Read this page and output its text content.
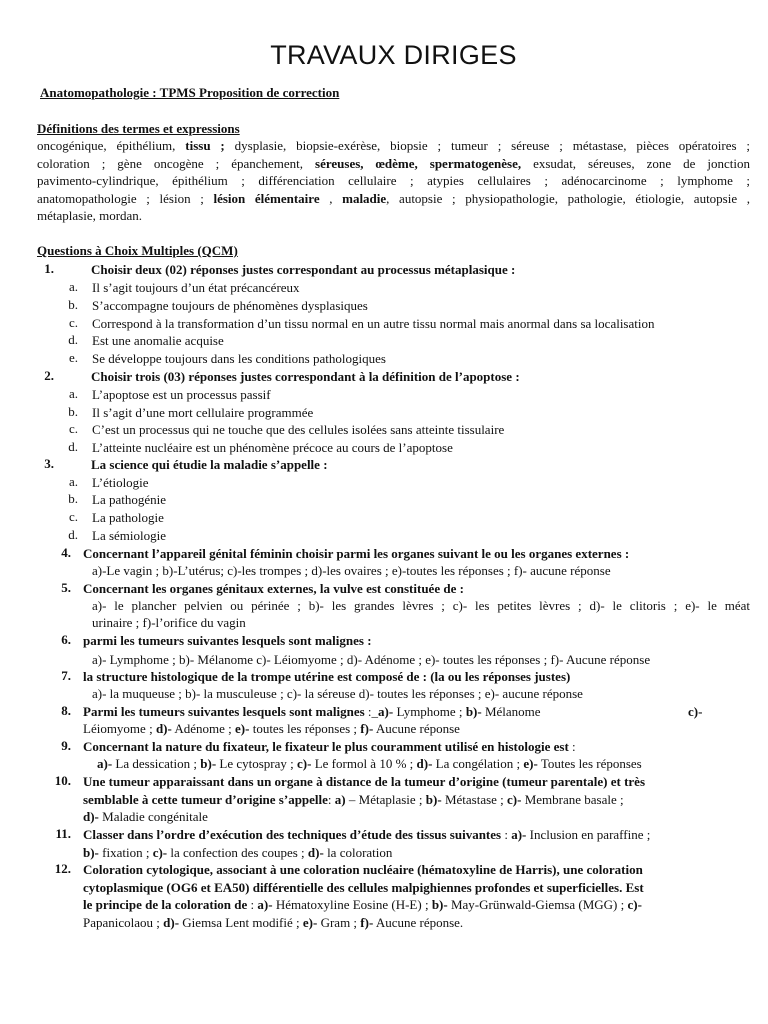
TRAVAUX DIRIGES
Anatomopathologie : TPMS Proposition de correction
Définitions des termes et expressions
oncogénique, épithélium, tissu ; dysplasie, biopsie-exérèse, biopsie ; tumeur ; séreuse ; métastase, pièces opératoires ;
coloration ; gène oncogène ; épanchement, séreuses, œdème, spermatogenèse, exsudat, séreuses, zone de jonction
pavimento-cylindrique, épithélium ; différenciation cellulaire ; atypies cellulaires ; adénocarcinome ; lymphome ;
anatomopathologie ; lésion ; lésion élémentaire , maladie, autopsie ; physiopathologie, pathologie, étiologie, autopsie ,
métaplasie, mordan.
Questions à Choix Multiples (QCM)
1.	Choisir deux (02) réponses justes correspondant au processus métaplasique :
a. Il s’agit toujours d’un état précancéreux
b. S’accompagne toujours de phénomènes dysplasiques
c. Correspond à la transformation d’un tissu normal en un autre tissu normal mais anormal dans sa localisation
d. Est une anomalie acquise
e. Se développe toujours dans les conditions pathologiques
2.	Choisir trois (03) réponses justes correspondant à la définition de l’apoptose :
a. L’apoptose est un processus passif
b. Il s’agit d’une mort cellulaire programmée
c. C’est un processus qui ne touche que des cellules isolées sans atteinte tissulaire
d. L’atteinte nucléaire est un phénomène précoce au cours de l’apoptose
3.	La science qui étudie la maladie s’appelle :
a. L’étiologie
b. La pathogénie
c. La pathologie
d. La sémiologie
4. Concernant l’appareil génital féminin choisir parmi les organes suivant le ou les organes externes :
a)-Le vagin ; b)-L’utérus; c)-les trompes ; d)-les ovaires ; e)-toutes les réponses ; f)- aucune réponse
5. Concernant les organes génitaux externes, la vulve est constituée de :
a)- le plancher pelvien ou périnée ; b)- les grandes lèvres ; c)- les petites lèvres ; d)- le clitoris ; e)- le méat
urinaire ; f)-l’orifice du vagin
6. parmi les tumeurs suivantes lesquels sont malignes :
a)- Lymphome ; b)- Mélanome c)- Léiomyome ; d)- Adénome ; e)- toutes les réponses ; f)- Aucune réponse
7. la structure histologique de la trompe utérine est composé de : (la ou les réponses justes)
a)- la muqueuse ; b)- la musculeuse ; c)- la séreuse d)- toutes les réponses ; e)- aucune réponse
8. Parmi les tumeurs suivantes lesquels sont malignes :_a)- Lymphome ; b)- Mélanome	c)-
Léiomyome ; d)- Adénome ; e)- toutes les réponses ; f)- Aucune réponse
9. Concernant la nature du fixateur, le fixateur le plus couramment utilisé en histologie est :
a)- La dessication ; b)- Le cytospray ; c)- Le formol à 10 % ; d)- La congélation ; e)- Toutes les réponses
10. Une tumeur apparaissant dans un organe à distance de la tumeur d’origine (tumeur parentale) et très
semblable à cette tumeur d’origine s’appelle: a) – Métaplasie ; b)- Métastase ; c)- Membrane basale ;
d)- Maladie congénitale
11. Classer dans l’ordre d’exécution des techniques d’étude des tissus suivantes : a)- Inclusion en paraffine ;
b)- fixation ; c)- la confection des coupes ; d)- la coloration
12. Coloration cytologique, associant à une coloration nucléaire (hématoxyline de Harris), une coloration
cytoplasmique (OG6 et EA50) différentielle des cellules malpighiennes profondes et superficielles. Est
le principe de la coloration de : a)- Hématoxyline Eosine (H-E) ; b)- May-Grünwald-Giemsa (MGG) ; c)-
Papanicolaou ; d)- Giemsa Lent modifié ; e)- Gram ; f)- Aucune réponse.
